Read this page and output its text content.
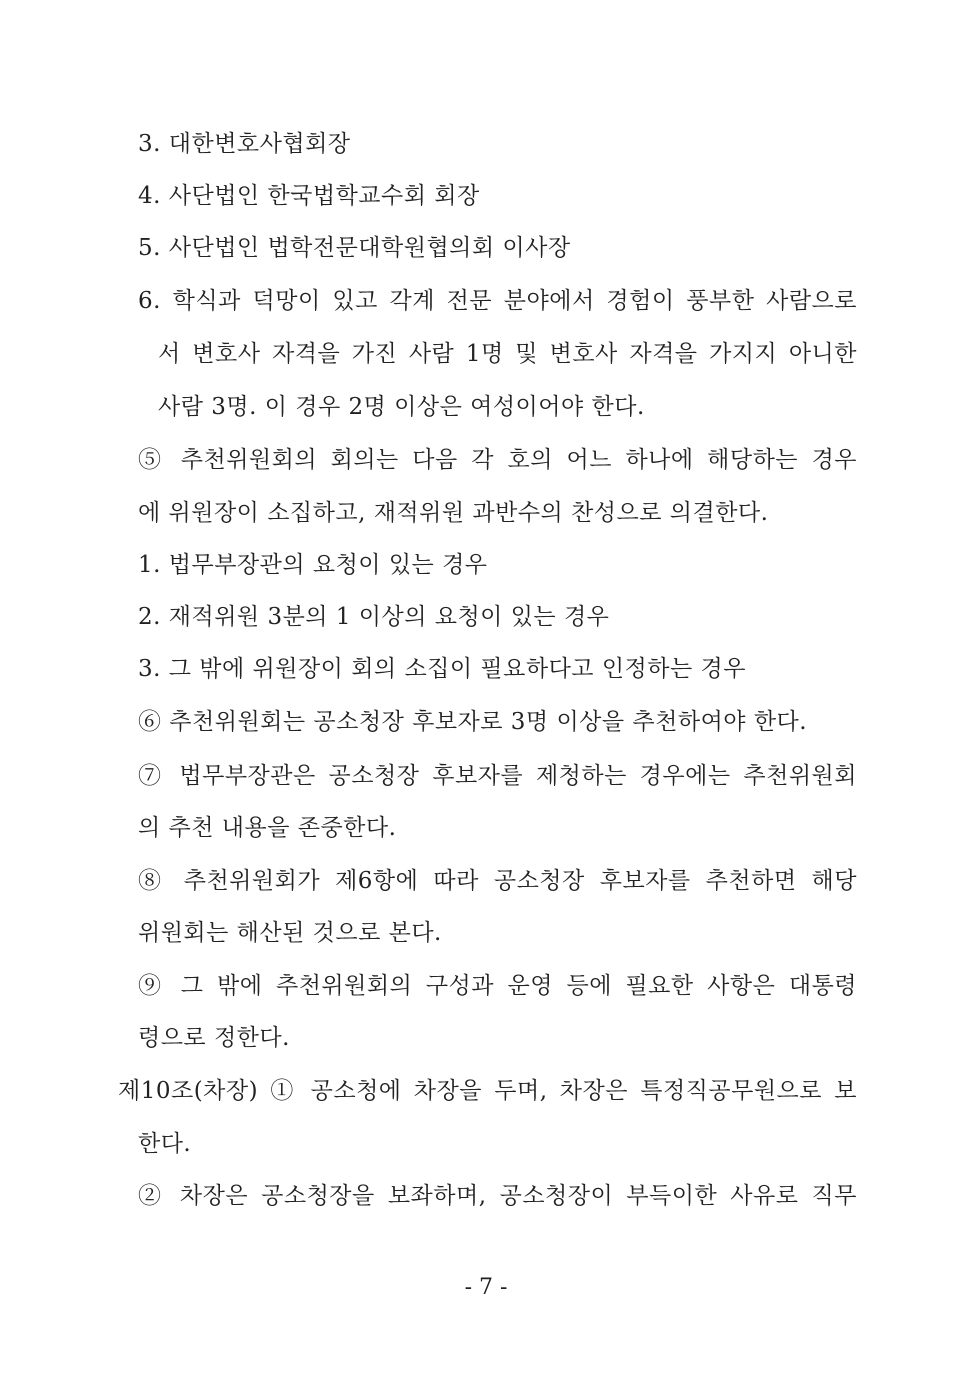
3. 대한변호사협회장
4. 사단법인 한국법학교수회 회장
5. 사단법인 법학전문대학원협의회 이사장
6. 학식과 덕망이 있고 각계 전문 분야에서 경험이 풍부한 사람으로
서 변호사 자격을 가진 사람 1명 및 변호사 자격을 가지지 아니한
사람 3명. 이 경우 2명 이상은 여성이어야 한다.
⑤ 추천위원회의 회의는 다음 각 호의 어느 하나에 해당하는 경우
에 위원장이 소집하고, 재적위원 과반수의 찬성으로 의결한다.
1. 법무부장관의 요청이 있는 경우
2. 재적위원 3분의 1 이상의 요청이 있는 경우
3. 그 밖에 위원장이 회의 소집이 필요하다고 인정하는 경우
⑥ 추천위원회는 공소청장 후보자로 3명 이상을 추천하여야 한다.
⑦ 법무부장관은 공소청장 후보자를 제청하는 경우에는 추천위원회
의 추천 내용을 존중한다.
⑧ 추천위원회가 제6항에 따라 공소청장 후보자를 추천하면 해당
위원회는 해산된 것으로 본다.
⑨ 그 밖에 추천위원회의 구성과 운영 등에 필요한 사항은 대통령
령으로 정한다.
제10조(차장) ① 공소청에 차장을 두며, 차장은 특정직공무원으로 보
한다.
② 차장은 공소청장을 보좌하며, 공소청장이 부득이한 사유로 직무
- 7 -
